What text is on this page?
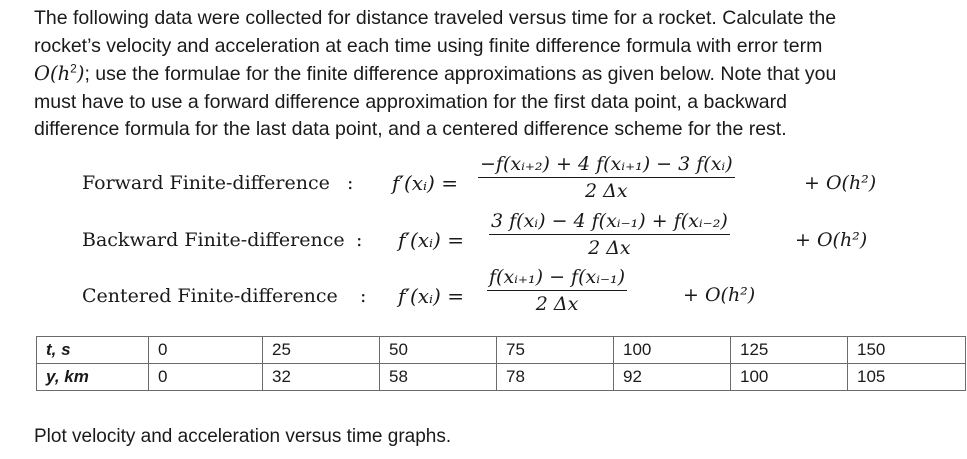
The following data were collected for distance traveled versus time for a rocket. Calculate the
rocket’s velocity and acceleration at each time using finite difference formula with error term
$O(h^2)$; use the formulae for the finite difference approximations as given below. Note that you
must have to use a forward difference approximation for the first data point, a backward
difference formula for the last data point, and a centered difference scheme for the rest.
Forward Finite-difference : f′(xᵢ) = $\frac{\text{−f(xᵢ₊₂) + 4 f(xᵢ₊₁) − 3 f(xᵢ)}}{2 \Delta x}$	+ O(h²)
Backward Finite-difference : f′(xᵢ) = $\frac{\text{3 f(xᵢ) − 4 f(xᵢ₋₁) + f(xᵢ₋₂)}}{2 \Delta x}$	+ O(h²)
Centered Finite-difference : f′(xᵢ) = $\frac{\text{f(xᵢ₊₁) − f(xᵢ₋₁)}}{2 \Delta x}$	+ O(h²)
t, s	0	25	50	75	100	125	150
y, km	0	32	58	78	92	100	105

Plot velocity and acceleration versus time graphs.
